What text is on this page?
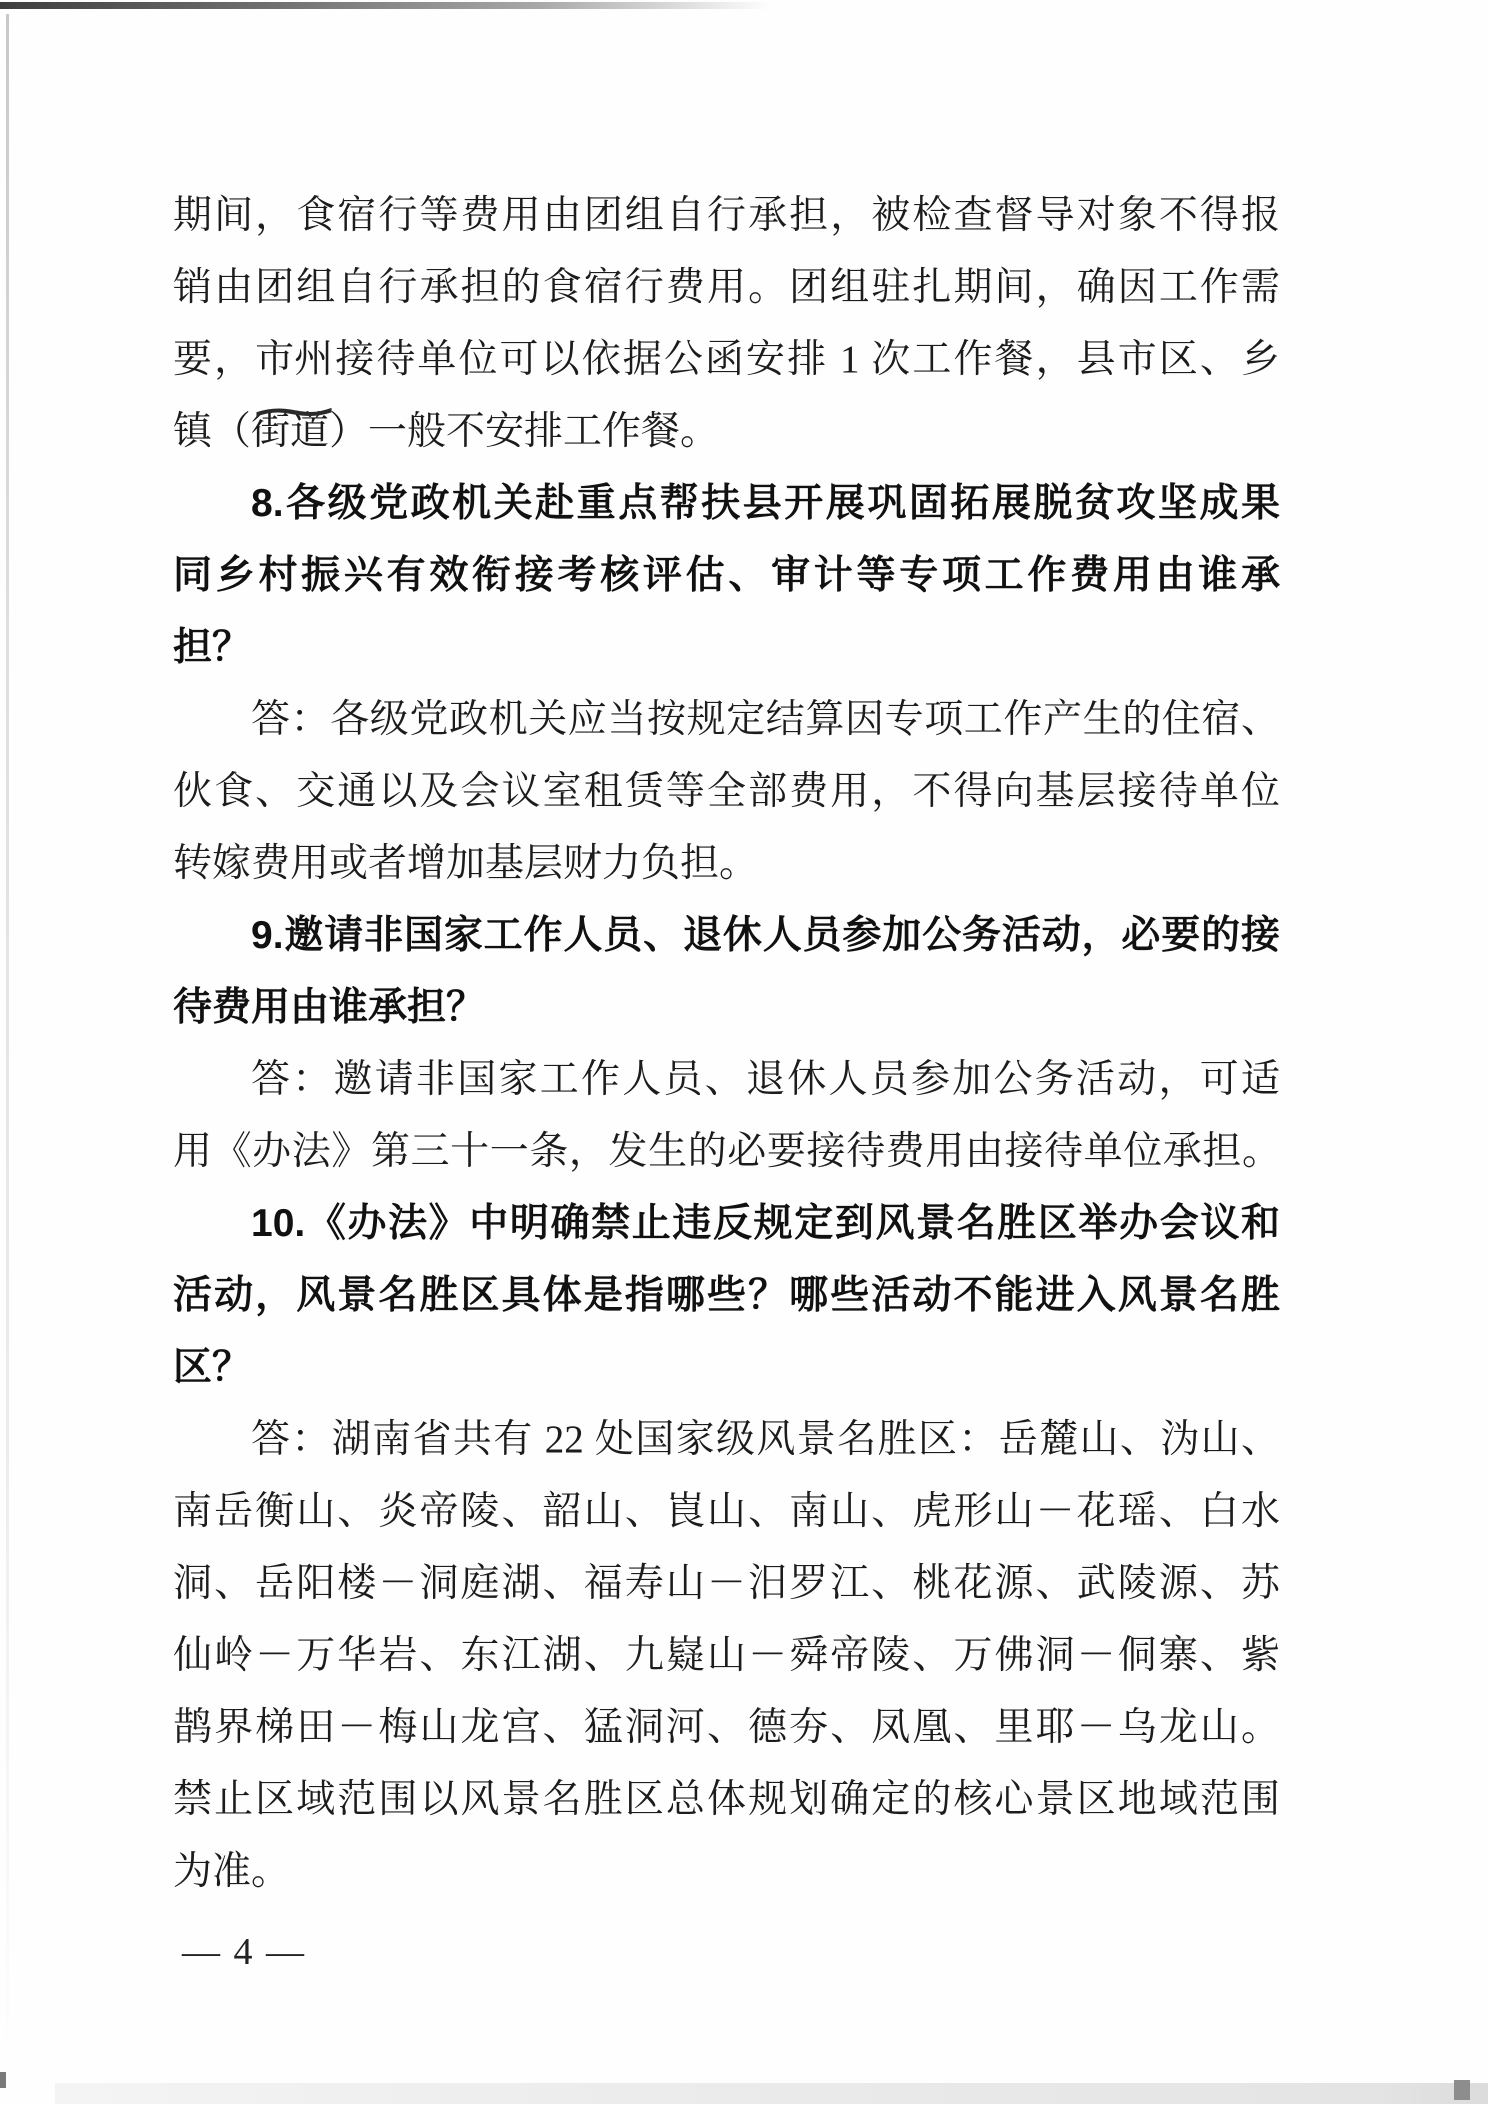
期间，食宿行等费用由团组自行承担，被检查督导对象不得报
销由团组自行承担的食宿行费用。团组驻扎期间，确因工作需
要，市州 ~接待单位可以依据公函安排 1 次工作餐，县市区、乡
镇（街道）一般不安排工作餐。
8.各级党政机关赴重点帮扶县开展巩固拓展脱贫攻坚成果
同乡村振兴有效衔接考核评估、审计等专项工作费用由谁承
担？
答：各级党政机关应当按规定结算因专项工作产生的住宿、
伙食、交通以及会议室租赁等全部费用，不得向基层接待单位
转嫁费用或者增加基层财力负担。
9.邀请非国家工作人员、退休人员参加公务活动，必要的接
待费用由谁承担？
答：邀请非国家工作人员、退休人员参加公务活动，可适
用《办法》第三十一条，发生的必要接待费用由接待单位承担。
10.《办法》中明确禁止违反规定到风景名胜区举办会议和
活动，风景名胜区具体是指哪些？哪些活动不能进入风景名胜
区？
答：湖南省共有 22 处国家级风景名胜区：岳麓山、沩山、
南岳衡山、炎帝陵、韶山、崀山、南山、虎形山－花瑶、白水
洞、岳阳楼－洞庭湖、福寿山－汨罗江、桃花源、武陵源、苏
仙岭－万华岩、东江湖、九嶷山－舜帝陵、万佛洞－侗寨、紫
鹊界梯田－梅山龙宫、猛洞河、德夯、凤凰、里耶－乌龙山。
禁止区域范围以风景名胜区总体规划确定的核心景区地域范围
为准。
— 4 —
